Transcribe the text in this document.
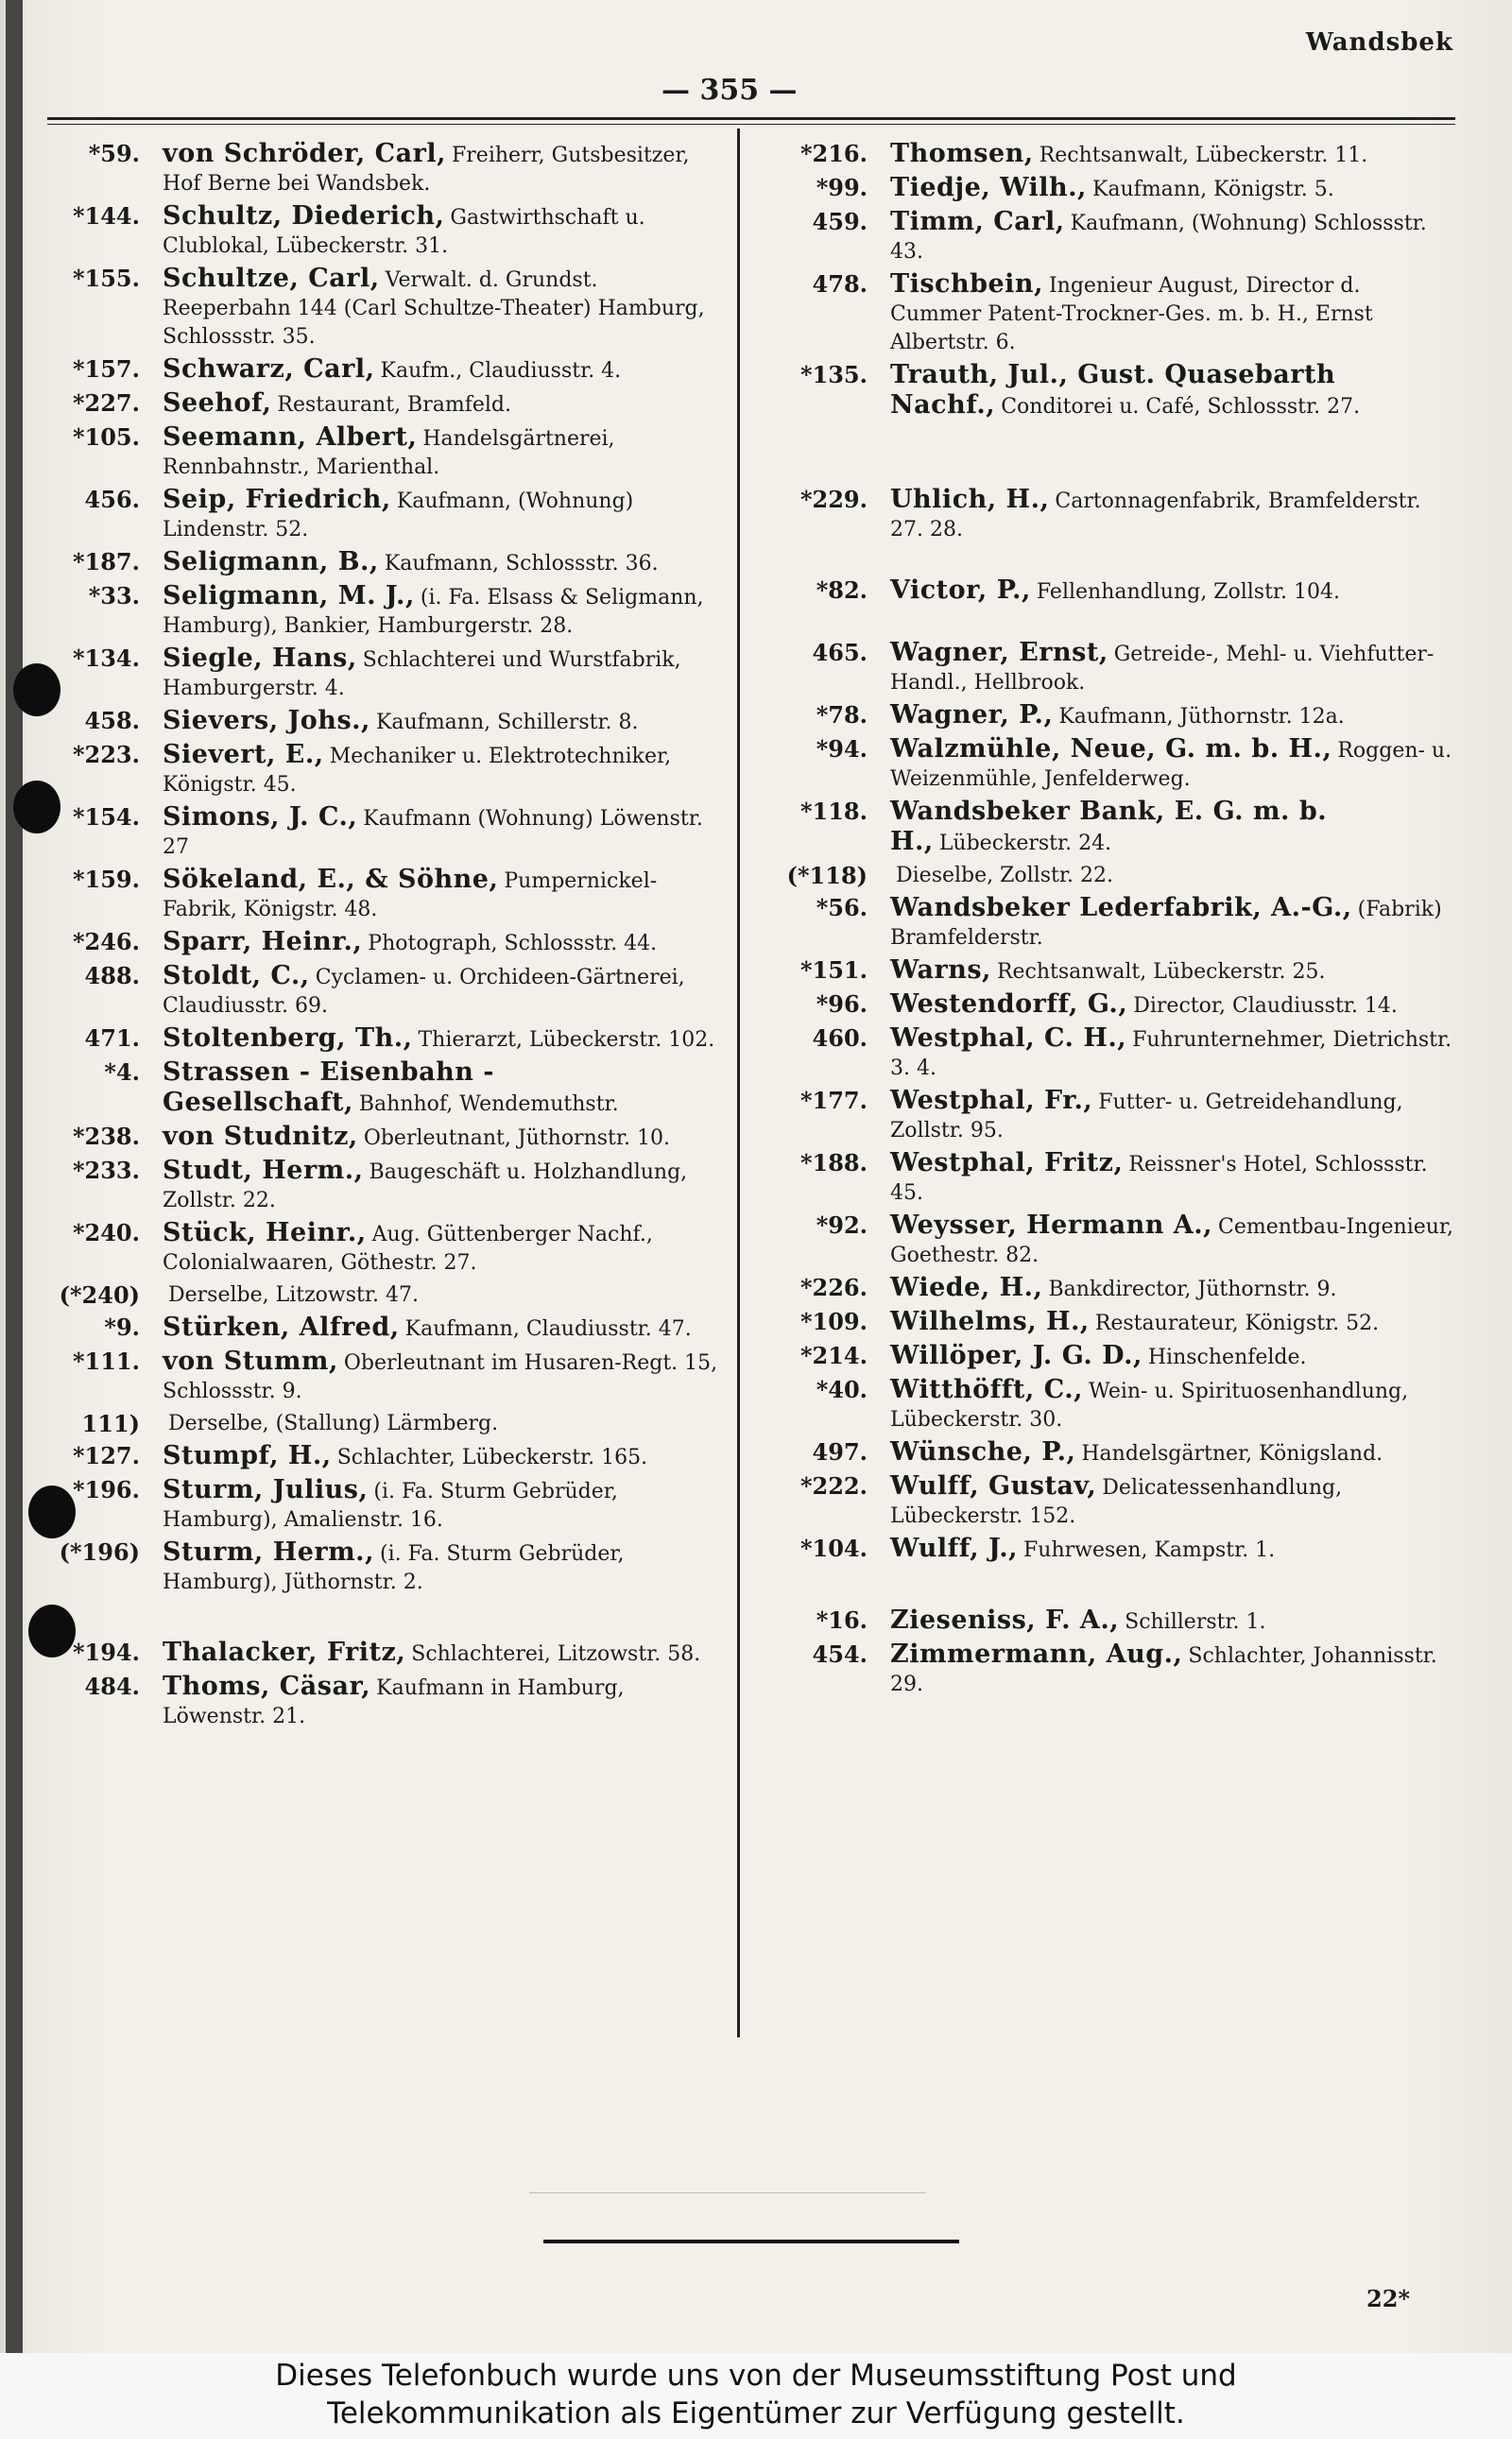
Wandsbek
— 355 —
*59. von Schröder, Carl, Freiherr, Gutsbesitzer, Hof Berne bei Wandsbek.
*144. Schultz, Diederich, Gastwirthschaft u. Clublokal, Lübeckerstr. 31.
*155. Schultze, Carl, Verwalt. d. Grundst. Reeperbahn 144 (Carl Schultze-Theater) Hamburg, Schlossstr. 35.
*157. Schwarz, Carl, Kaufm., Claudiusstr. 4.
*227. Seehof, Restaurant, Bramfeld.
*105. Seemann, Albert, Handelsgärtnerei, Rennbahnstr., Marienthal.
456. Seip, Friedrich, Kaufmann, (Wohnung) Lindenstr. 52.
*187. Seligmann, B., Kaufmann, Schlossstr. 36.
*33. Seligmann, M. J., (i. Fa. Elsass & Seligmann, Hamburg), Bankier, Hamburgerstr. 28.
*134. Siegle, Hans, Schlachterei und Wurstfabrik, Hamburgerstr. 4.
458. Sievers, Johs., Kaufmann, Schillerstr. 8.
*223. Sievert, E., Mechaniker u. Elektrotechniker, Königstr. 45.
*154. Simons, J. C., Kaufmann (Wohnung) Löwenstr. 27
*159. Sökeland, E., & Söhne, Pumpernickel-Fabrik, Königstr. 48.
*246. Sparr, Heinr., Photograph, Schlossstr. 44.
488. Stoldt, C., Cyclamen- u. Orchideen-Gärtnerei, Claudiusstr. 69.
471. Stoltenberg, Th., Thierarzt, Lübeckerstr. 102.
*4. Strassen - Eisenbahn - Gesellschaft, Bahnhof, Wendemuthstr.
*238. von Studnitz, Oberleutnant, Jüthornstr. 10.
*233. Studt, Herm., Baugeschäft u. Holzhandlung, Zollstr. 22.
*240. Stück, Heinr., Aug. Güttenberger Nachf., Colonialwaaren, Göthestr. 27.
(*240) Derselbe, Litzowstr. 47.
*9. Stürken, Alfred, Kaufmann, Claudiusstr. 47.
*111. von Stumm, Oberleutnant im Husaren-Regt. 15, Schlossstr. 9.
111) Derselbe, (Stallung) Lärmberg.
*127. Stumpf, H., Schlachter, Lübeckerstr. 165.
*196. Sturm, Julius, (i. Fa. Sturm Gebrüder, Hamburg), Amalienstr. 16.
(*196) Sturm, Herm., (i. Fa. Sturm Gebrüder, Hamburg), Jüthornstr. 2.
*194. Thalacker, Fritz, Schlachterei, Litzowstr. 58.
484. Thoms, Cäsar, Kaufmann in Hamburg, Löwenstr. 21.
*216. Thomsen, Rechtsanwalt, Lübeckerstr. 11.
*99. Tiedje, Wilh., Kaufmann, Königstr. 5.
459. Timm, Carl, Kaufmann, (Wohnung) Schlossstr. 43.
478. Tischbein, Ingenieur August, Director d. Cummer Patent-Trockner-Ges. m. b. H., Ernst Albertstr. 6.
*135. Trauth, Jul., Gust. Quasebarth Nachf., Conditorei u. Café, Schlossstr. 27.
*229. Uhlich, H., Cartonnagenfabrik, Bramfelderstr. 27. 28.
*82. Victor, P., Fellenhandlung, Zollstr. 104.
465. Wagner, Ernst, Getreide-, Mehl- u. Viehfutter-Handl., Hellbrook.
*78. Wagner, P., Kaufmann, Jüthornstr. 12a.
*94. Walzmühle, Neue, G. m. b. H., Roggen- u. Weizenmühle, Jenfelderweg.
*118. Wandsbeker Bank, E. G. m. b. H., Lübeckerstr. 24.
(*118) Dieselbe, Zollstr. 22.
*56. Wandsbeker Lederfabrik, A.-G., (Fabrik) Bramfelderstr.
*151. Warns, Rechtsanwalt, Lübeckerstr. 25.
*96. Westendorff, G., Director, Claudiusstr. 14.
460. Westphal, C. H., Fuhrunternehmer, Dietrichstr. 3. 4.
*177. Westphal, Fr., Futter- u. Getreidehandlung, Zollstr. 95.
*188. Westphal, Fritz, Reissner's Hotel, Schlossstr. 45.
*92. Weysser, Hermann A., Cementbau-Ingenieur, Goethestr. 82.
*226. Wiede, H., Bankdirector, Jüthornstr. 9.
*109. Wilhelms, H., Restaurateur, Königstr. 52.
*214. Willöper, J. G. D., Hinschenfelde.
*40. Witthöfft, C., Wein- u. Spirituosenhandlung, Lübeckerstr. 30.
497. Wünsche, P., Handelsgärtner, Königsland.
*222. Wulff, Gustav, Delicatessenhandlung, Lübeckerstr. 152.
*104. Wulff, J., Fuhrwesen, Kampstr. 1.
*16. Zieseniss, F. A., Schillerstr. 1.
454. Zimmermann, Aug., Schlachter, Johannisstr. 29.
22*
Dieses Telefonbuch wurde uns von der Museumsstiftung Post und
Telekommunikation als Eigentümer zur Verfügung gestellt.
